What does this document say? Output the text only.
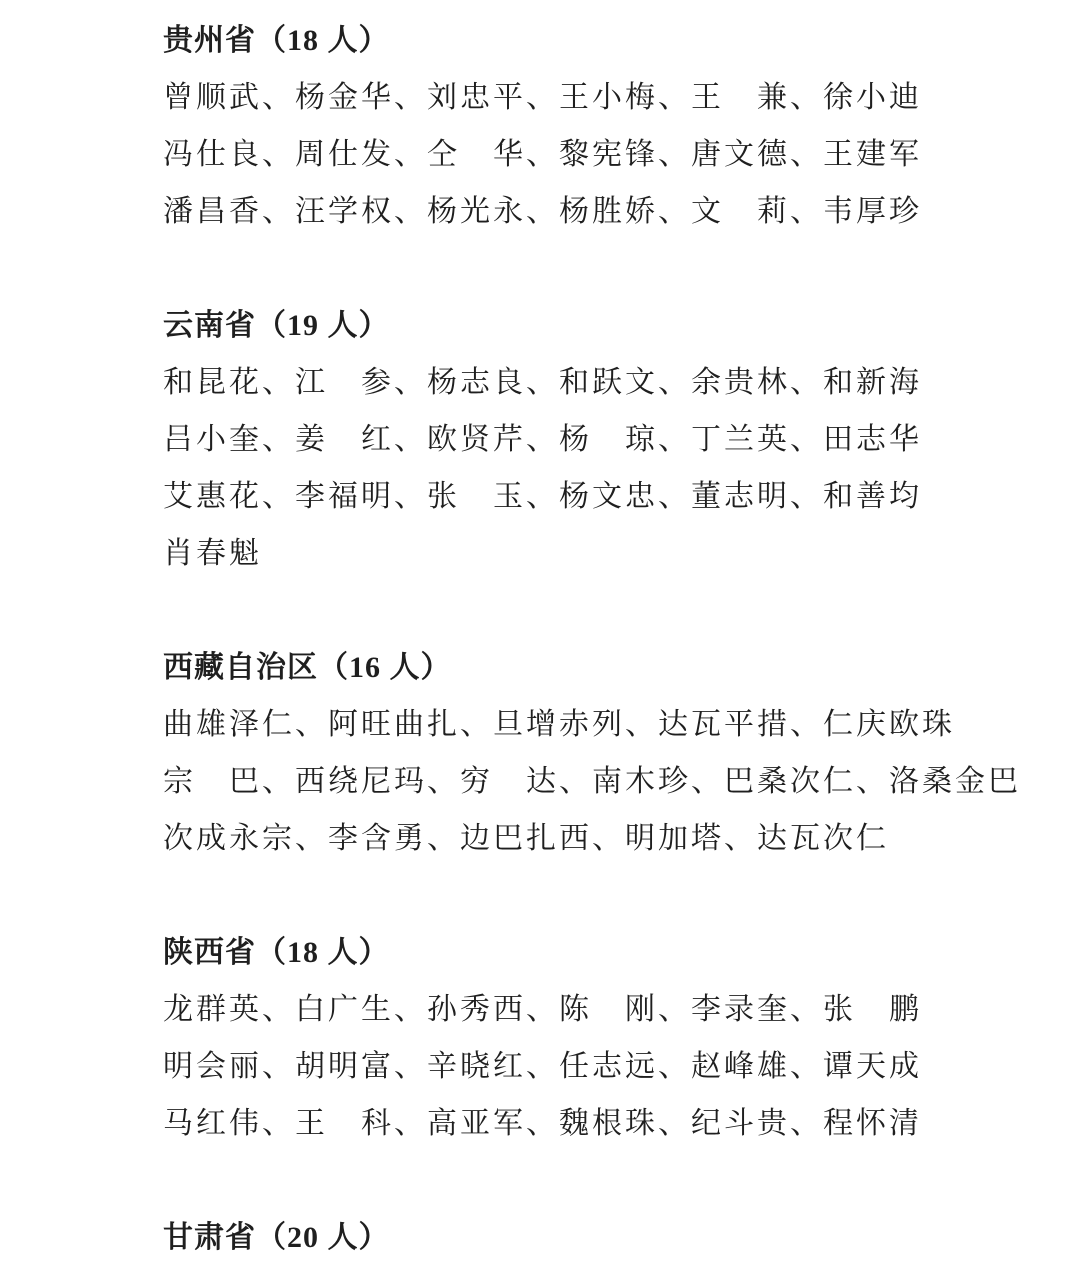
贵州省（18 人）

曾顺武、杨金华、刘忠平、王小梅、王　兼、徐小迪

冯仕良、周仕发、仝　华、黎宪锋、唐文德、王建军

潘昌香、汪学权、杨光永、杨胜娇、文　莉、韦厚珍

云南省（19 人）

和昆花、江　参、杨志良、和跃文、余贵林、和新海

吕小奎、姜　红、欧贤芹、杨　琼、丁兰英、田志华

艾惠花、李福明、张　玉、杨文忠、董志明、和善均

肖春魁

西藏自治区（16 人）

曲雄泽仁、阿旺曲扎、旦增赤列、达瓦平措、仁庆欧珠

宗　巴、西绕尼玛、穷　达、南木珍、巴桑次仁、洛桑金巴

次成永宗、李含勇、边巴扎西、明加塔、达瓦次仁

陕西省（18 人）

龙群英、白广生、孙秀西、陈　刚、李录奎、张　鹏

明会丽、胡明富、辛晓红、任志远、赵峰雄、谭天成

马红伟、王　科、高亚军、魏根珠、纪斗贵、程怀清

甘肃省（20 人）
